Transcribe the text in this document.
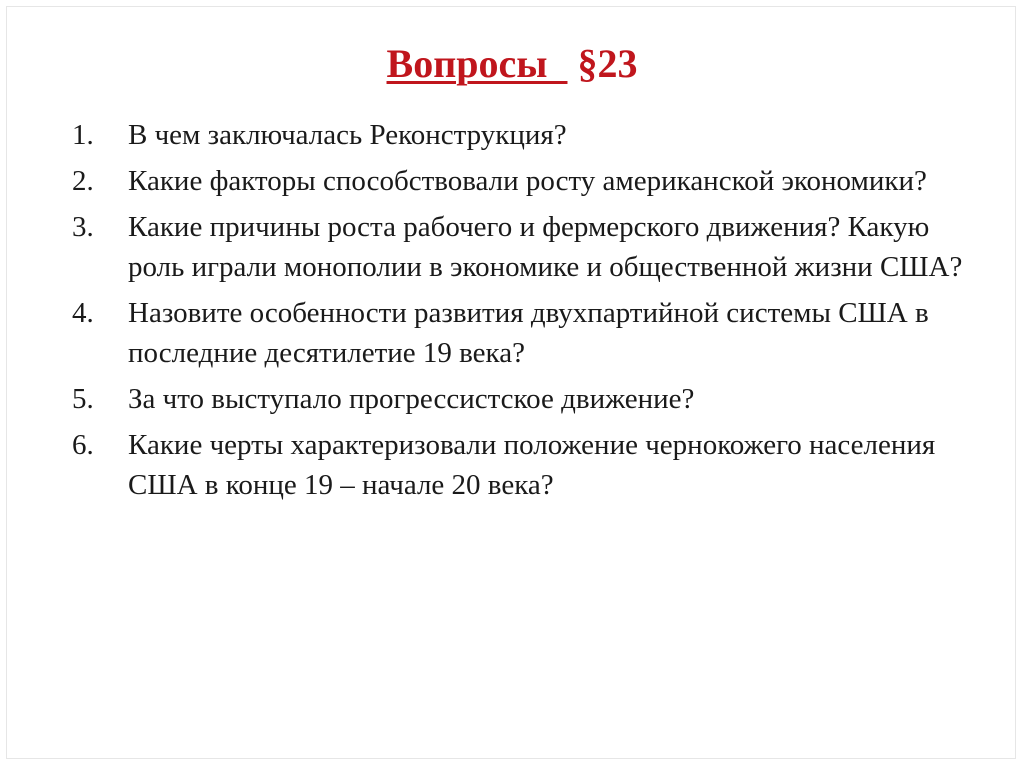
Вопросы   §23
1.	В чем заключалась Реконструкция?
2.	Какие факторы способствовали росту американской экономики?
3.	Какие причины роста рабочего и фермерского движения? Какую роль играли монополии в экономике и общественной жизни США?
4.	Назовите особенности развития двухпартийной системы США в последние десятилетие 19 века?
5.	За что выступало прогрессистское движение?
6.	Какие черты характеризовали положение чернокожего населения США в конце 19 – начале 20 века?
